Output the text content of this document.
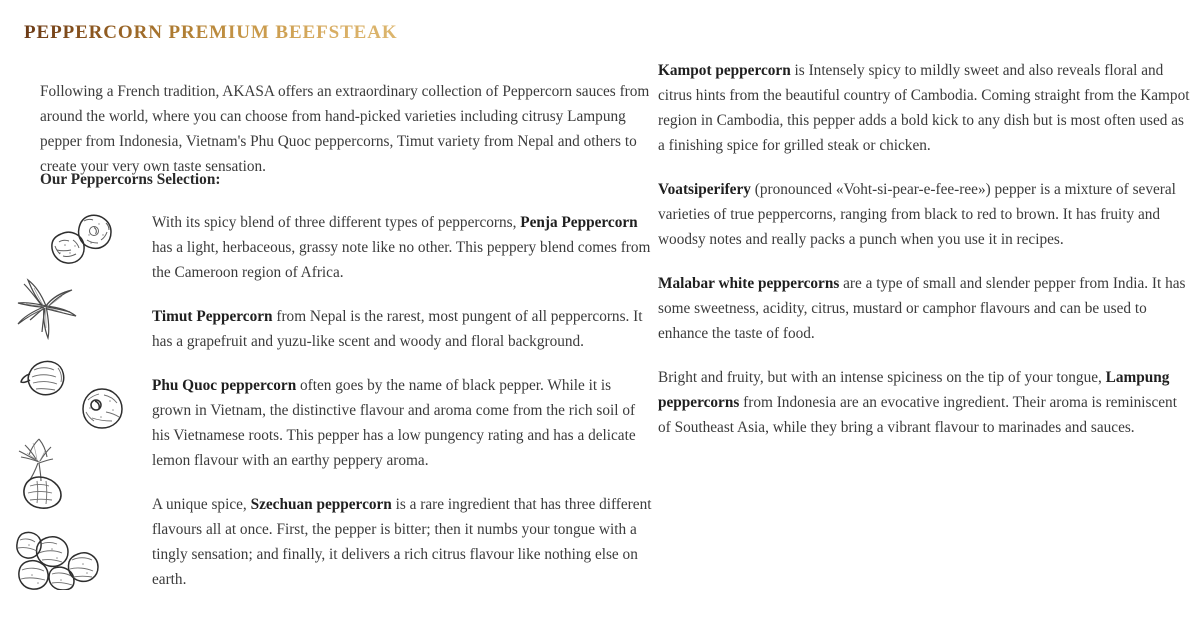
PEPPERCORN PREMIUM BEEFSTEAK

Following a French tradition, AKASA offers an extraordinary collection of Peppercorn sauces from around the world, where you can choose from hand-picked varieties including citrusy Lampung pepper from Indonesia, Vietnam's Phu Quoc peppercorns, Timut variety from Nepal and others to create your very own taste sensation.

Our Peppercorns Selection:

With its spicy blend of three different types of peppercorns, Penja Peppercorn has a light, herbaceous, grassy note like no other. This peppery blend comes from the Cameroon region of Africa.

Timut Peppercorn from Nepal is the rarest, most pungent of all peppercorns. It has a grapefruit and yuzu-like scent and woody and floral background.

Phu Quoc peppercorn often goes by the name of black pepper. While it is grown in Vietnam, the distinctive flavour and aroma come from the rich soil of his Vietnamese roots. This pepper has a low pungency rating and has a delicate lemon flavour with an earthy peppery aroma.

A unique spice, Szechuan peppercorn is a rare ingredient that has three different flavours all at once. First, the pepper is bitter; then it numbs your tongue with a tingly sensation; and finally, it delivers a rich citrus flavour like nothing else on earth.

Kampot peppercorn is Intensely spicy to mildly sweet and also reveals floral and citrus hints from the beautiful country of Cambodia. Coming straight from the Kampot region in Cambodia, this pepper adds a bold kick to any dish but is most often used as a finishing spice for grilled steak or chicken.

Voatsiperifery (pronounced «Voht-si-pear-e-fee-ree») pepper is a mixture of several varieties of true peppercorns, ranging from black to red to brown. It has fruity and woodsy notes and really packs a punch when you use it in recipes.

Malabar white peppercorns are a type of small and slender pepper from India. It has some sweetness, acidity, citrus, mustard or camphor flavours and can be used to enhance the taste of food.

Bright and fruity, but with an intense spiciness on the tip of your tongue, Lampung peppercorns from Indonesia are an evocative ingredient. Their aroma is reminiscent of Southeast Asia, while they bring a vibrant flavour to marinades and sauces.
